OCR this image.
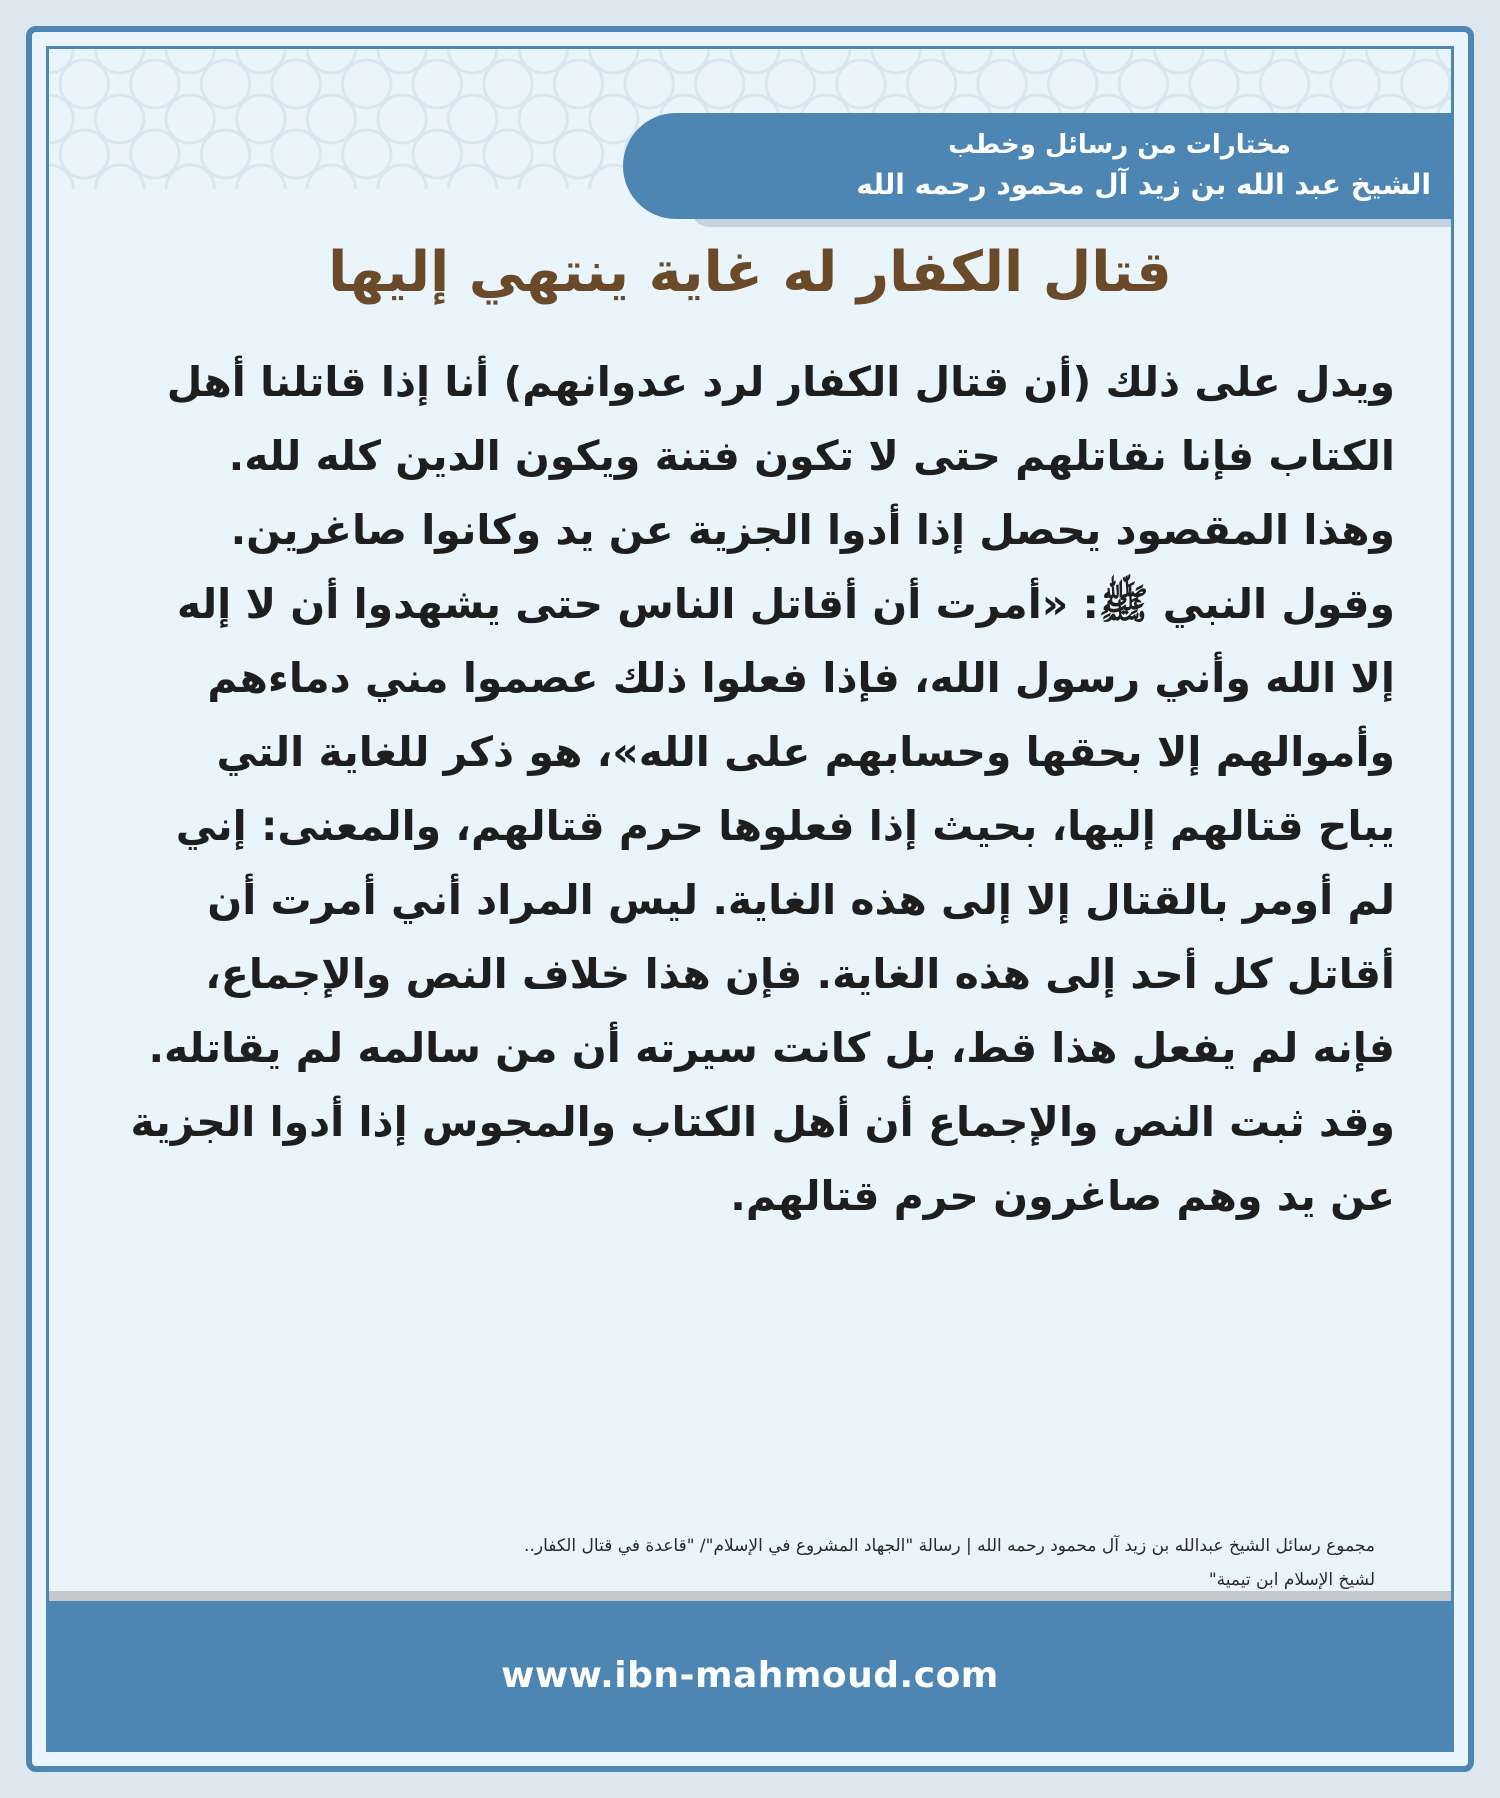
مختارات من رسائل وخطب
الشيخ عبد الله بن زيد آل محمود رحمه الله
قتال الكفار له غاية ينتهي إليها

ويدل على ذلك (أن قتال الكفار لرد عدوانهم) أنا إذا قاتلنا أهل الكتاب فإنا نقاتلهم حتى لا تكون فتنة ويكون الدين كله لله. وهذا المقصود يحصل إذا أدوا الجزية عن يد وكانوا صاغرين. وقول النبي ﷺ: «أمرت أن أقاتل الناس حتى يشهدوا أن لا إله إلا الله وأني رسول الله، فإذا فعلوا ذلك عصموا مني دماءهم وأموالهم إلا بحقها وحسابهم على الله»، هو ذكر للغاية التي يباح قتالهم إليها، بحيث إذا فعلوها حرم قتالهم، والمعنى: إني لم أومر بالقتال إلا إلى هذه الغاية. ليس المراد أني أمرت أن أقاتل كل أحد إلى هذه الغاية. فإن هذا خلاف النص والإجماع، فإنه لم يفعل هذا قط، بل كانت سيرته أن من سالمه لم يقاتله.

وقد ثبت النص والإجماع أن أهل الكتاب والمجوس إذا أدوا الجزية عن يد وهم صاغرون حرم قتالهم.

مجموع رسائل الشيخ عبدالله بن زيد آل محمود رحمه الله | رسالة "الجهاد المشروع في الإسلام"/ "قاعدة في قتال الكفار..
لشيخ الإسلام ابن تيمية"
www.ibn-mahmoud.com
